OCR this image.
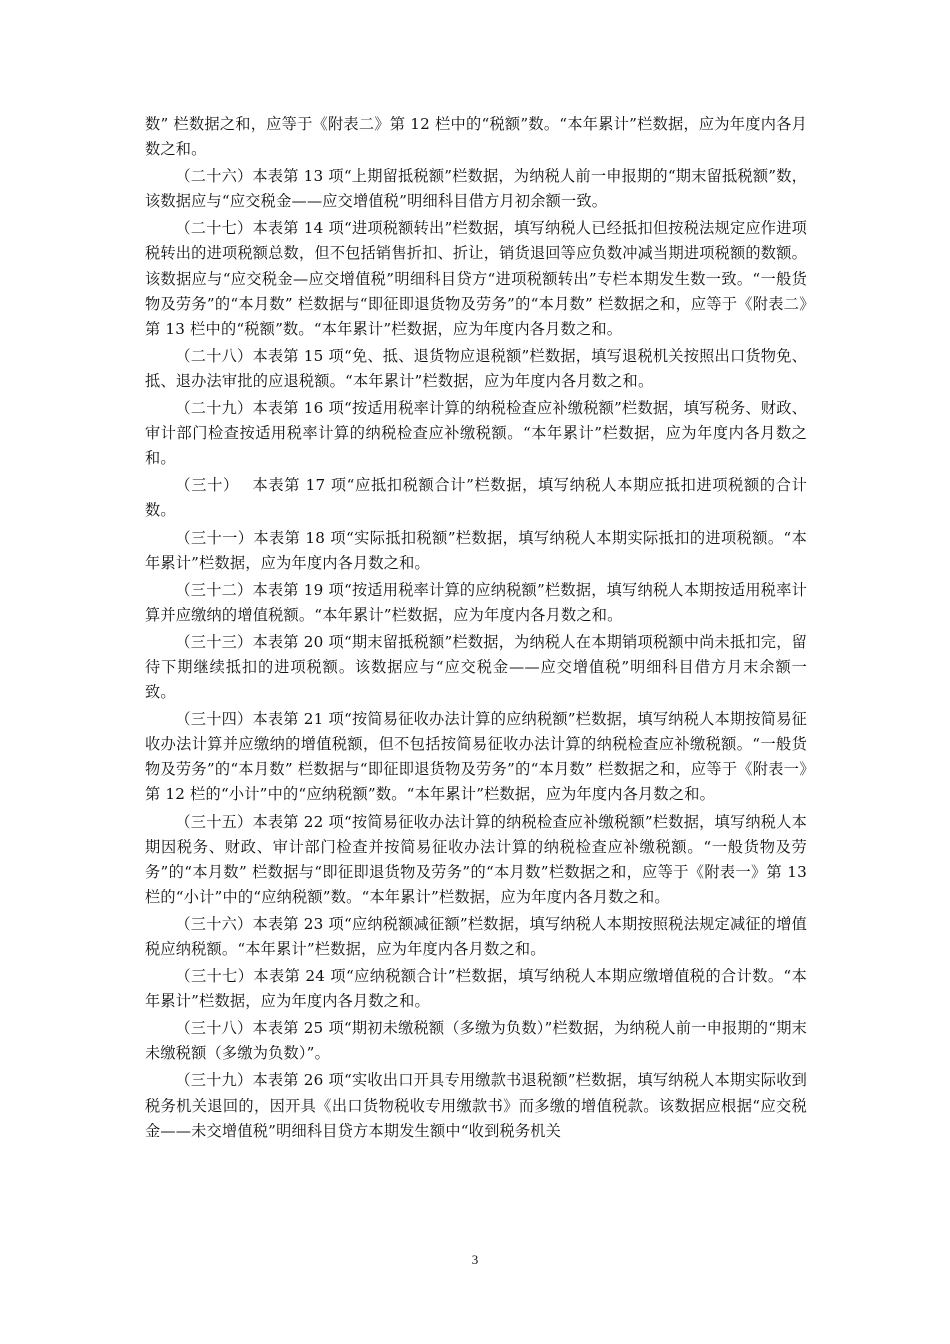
数” 栏数据之和，应等于《附表二》第 12 栏中的“税额”数。“本年累计”栏数据，应为年度内各月数之和。

（二十六）本表第 13 项“上期留抵税额”栏数据，为纳税人前一申报期的“期末留抵税额”数，该数据应与“应交税金——应交增值税”明细科目借方月初余额一致。

（二十七）本表第 14 项“进项税额转出”栏数据，填写纳税人已经抵扣但按税法规定应作进项税转出的进项税额总数，但不包括销售折扣、折让，销货退回等应负数冲减当期进项税额的数额。该数据应与“应交税金—应交增值税”明细科目贷方“进项税额转出”专栏本期发生数一致。“一般货物及劳务”的“本月数” 栏数据与“即征即退货物及劳务”的“本月数” 栏数据之和，应等于《附表二》第 13 栏中的“税额”数。“本年累计”栏数据，应为年度内各月数之和。

（二十八）本表第 15 项“免、抵、退货物应退税额”栏数据，填写退税机关按照出口货物免、抵、退办法审批的应退税额。“本年累计”栏数据，应为年度内各月数之和。

（二十九）本表第 16 项“按适用税率计算的纳税检查应补缴税额”栏数据，填写税务、财政、审计部门检查按适用税率计算的纳税检查应补缴税额。“本年累计”栏数据，应为年度内各月数之和。

（三十）　 本表第 17 项“应抵扣税额合计”栏数据，填写纳税人本期应抵扣进项税额的合计数。

（三十一）本表第 18 项“实际抵扣税额”栏数据，填写纳税人本期实际抵扣的进项税额。“本年累计”栏数据，应为年度内各月数之和。

（三十二）本表第 19 项“按适用税率计算的应纳税额”栏数据，填写纳税人本期按适用税率计算并应缴纳的增值税额。“本年累计”栏数据，应为年度内各月数之和。

（三十三）本表第 20 项“期末留抵税额”栏数据，为纳税人在本期销项税额中尚未抵扣完，留待下期继续抵扣的进项税额。该数据应与“应交税金——应交增值税”明细科目借方月末余额一致。

（三十四）本表第 21 项“按简易征收办法计算的应纳税额”栏数据，填写纳税人本期按简易征收办法计算并应缴纳的增值税额，但不包括按简易征收办法计算的纳税检查应补缴税额。“一般货物及劳务”的“本月数” 栏数据与“即征即退货物及劳务”的“本月数” 栏数据之和，应等于《附表一》第 12 栏的“小计”中的“应纳税额”数。“本年累计”栏数据，应为年度内各月数之和。

（三十五）本表第 22 项“按简易征收办法计算的纳税检查应补缴税额”栏数据，填写纳税人本期因税务、财政、审计部门检查并按简易征收办法计算的纳税检查应补缴税额。“一般货物及劳务”的“本月数” 栏数据与“即征即退货物及劳务”的“本月数”栏数据之和，应等于《附表一》第 13 栏的“小计”中的“应纳税额”数。“本年累计”栏数据，应为年度内各月数之和。

（三十六）本表第 23 项“应纳税额减征额”栏数据，填写纳税人本期按照税法规定减征的增值税应纳税额。“本年累计”栏数据，应为年度内各月数之和。

（三十七）本表第 24 项“应纳税额合计”栏数据，填写纳税人本期应缴增值税的合计数。“本年累计”栏数据，应为年度内各月数之和。

（三十八）本表第 25 项“期初未缴税额（多缴为负数）”栏数据，为纳税人前一申报期的“期末未缴税额（多缴为负数）”。

（三十九）本表第 26 项“实收出口开具专用缴款书退税额”栏数据，填写纳税人本期实际收到税务机关退回的，因开具《出口货物税收专用缴款书》而多缴的增值税款。该数据应根据“应交税金——未交增值税”明细科目贷方本期发生额中“收到税务机关

3
